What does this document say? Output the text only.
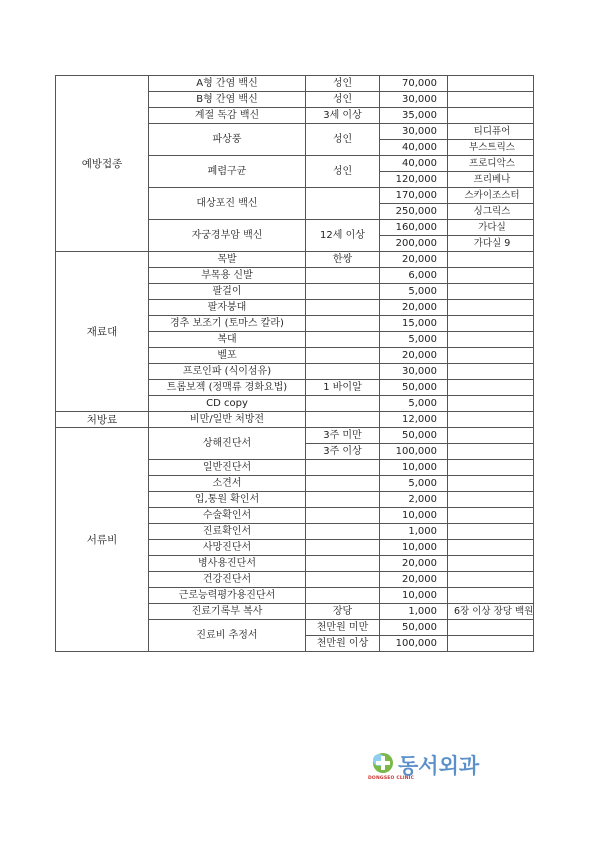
예방접종	A형 간염 백신	성인	70,000	
	B형 간염 백신	성인	30,000	
	계절 독감 백신	3세 이상	35,000	
	파상풍	성인	30,000	티디퓨어
			40,000	부스트릭스
	폐렴구균	성인	40,000	프로디악스
			120,000	프리베나
	대상포진 백신		170,000	스카이조스터
			250,000	싱그릭스
	자궁경부암 백신	12세 이상	160,000	가다실
			200,000	가다실 9
재료대	목발	한쌍	20,000	
	부목용 신발		6,000	
	팔걸이		5,000	
	팔자붕대		20,000	
	경추 보조기 (토마스 칼라)		15,000	
	복대		5,000	
	벨포		20,000	
	프로인파 (식이섬유)		30,000	
	트롬보젝 (정맥류 경화요법)	1 바이알	50,000	
	CD copy		5,000	
처방료	비만/일반 처방전		12,000	
서류비	상해진단서	3주 미만	50,000	
		3주 이상	100,000	
	일반진단서		10,000	
	소견서		5,000	
	입,통원 확인서		2,000	
	수술확인서		10,000	
	진료확인서		1,000	
	사망진단서		10,000	
	병사용진단서		20,000	
	건강진단서		20,000	
	근로능력평가용진단서		10,000	
	진료기록부 복사	장당	1,000	6장 이상 장당 백원
	진료비 추정서	천만원 미만	50,000	
		천만원 이상	100,000	
동서외과
DONGSEO CLINIC
